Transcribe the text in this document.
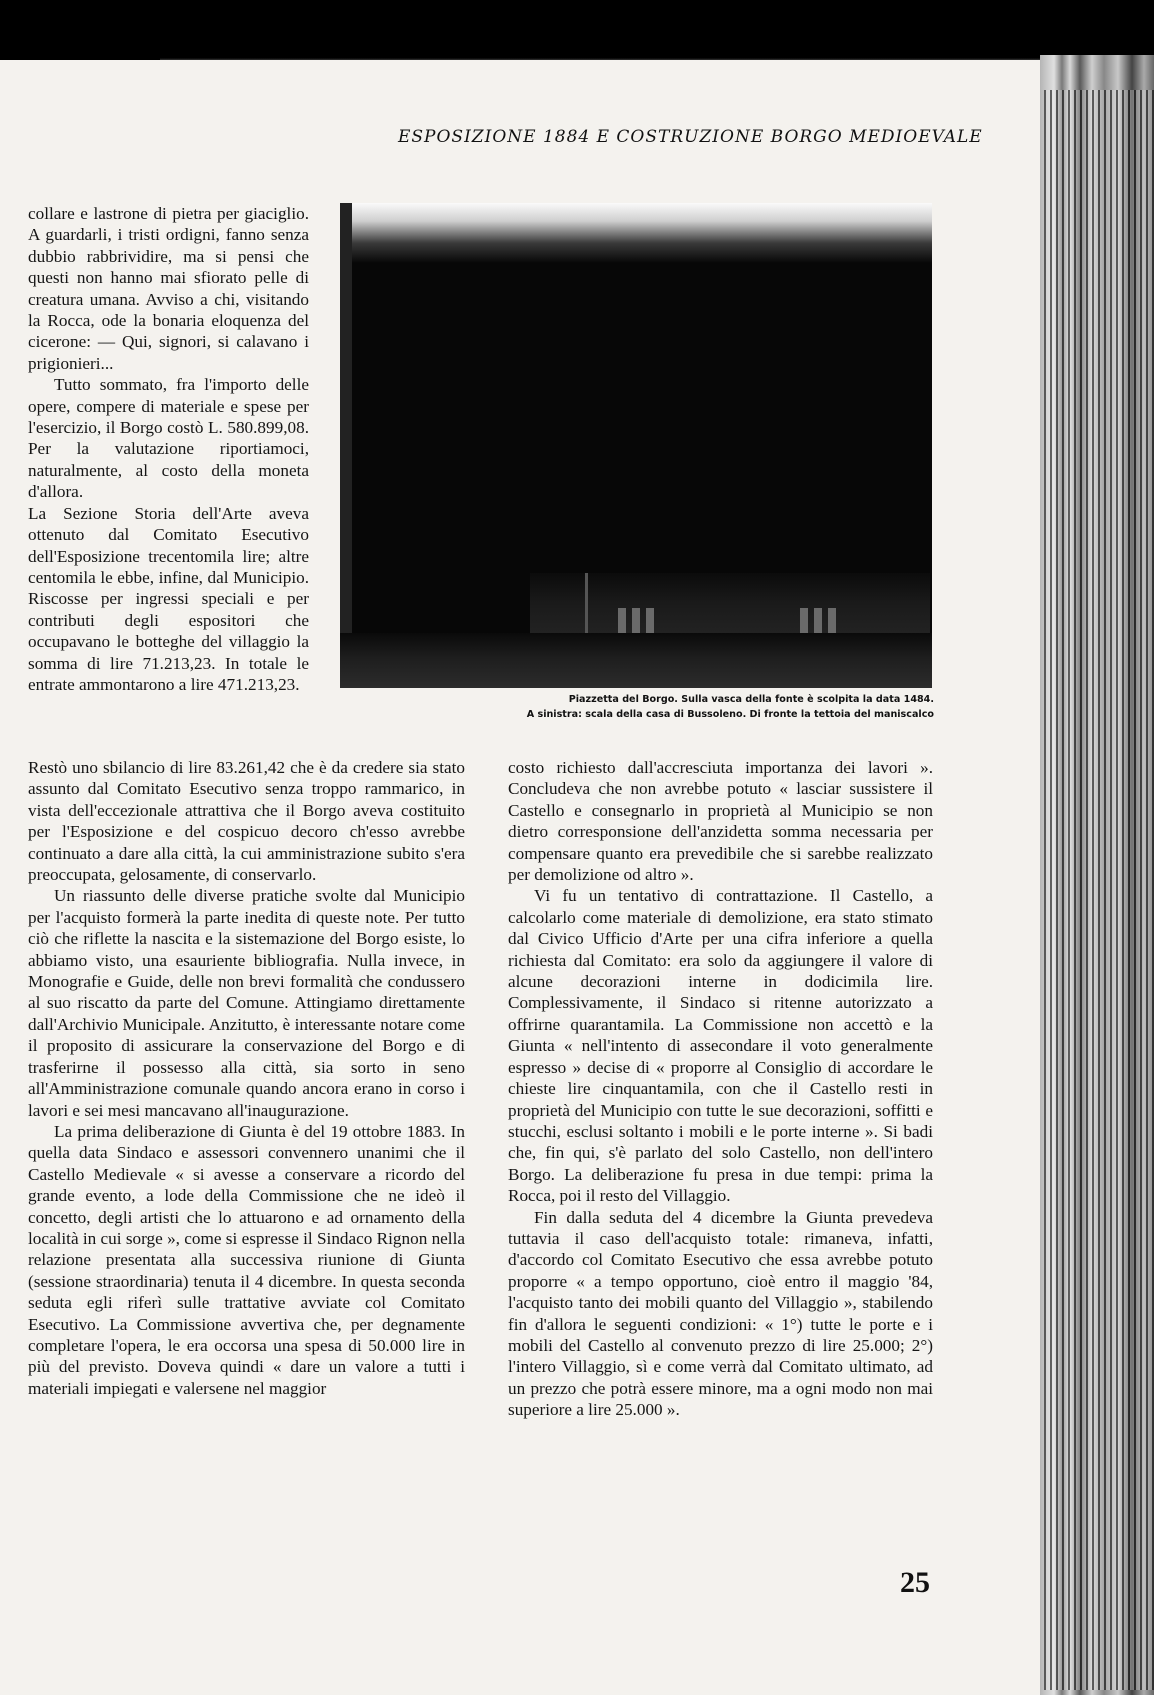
ESPOSIZIONE 1884 E COSTRUZIONE BORGO MEDIOEVALE

collare e lastrone di pietra per giaciglio. A guardarli, i tristi ordigni, fanno senza dubbio rabbrividire, ma si pensi che questi non hanno mai sfiorato pelle di creatura umana. Avviso a chi, visitando la Rocca, ode la bonaria eloquenza del cicerone: — Qui, signori, si calavano i prigionieri...

Tutto sommato, fra l'importo delle opere, compere di materiale e spese per l'esercizio, il Borgo costò L. 580.899,08. Per la valutazione riportiamoci, naturalmente, al costo della moneta d'allora.

La Sezione Storia dell'Arte aveva ottenuto dal Comitato Esecutivo dell'Esposizione trecentomila lire; altre centomila le ebbe, infine, dal Municipio. Riscosse per ingressi speciali e per contributi degli espositori che occupavano le botteghe del villaggio la somma di lire 71.213,23. In totale le entrate ammontarono a lire 471.213,23.

Piazzetta del Borgo. Sulla vasca della fonte è scolpita la data 1484.
A sinistra: scala della casa di Bussoleno. Di fronte la tettoia del maniscalco

Restò uno sbilancio di lire 83.261,42 che è da credere sia stato assunto dal Comitato Esecutivo senza troppo rammarico, in vista dell'eccezionale attrattiva che il Borgo aveva costituito per l'Esposizione e del cospicuo decoro ch'esso avrebbe continuato a dare alla città, la cui amministrazione subito s'era preoccupata, gelosamente, di conservarlo.

Un riassunto delle diverse pratiche svolte dal Municipio per l'acquisto formerà la parte inedita di queste note. Per tutto ciò che riflette la nascita e la sistemazione del Borgo esiste, lo abbiamo visto, una esauriente bibliografia. Nulla invece, in Monografie e Guide, delle non brevi formalità che condussero al suo riscatto da parte del Comune. Attingiamo direttamente dall'Archivio Municipale. Anzitutto, è interessante notare come il proposito di assicurare la conservazione del Borgo e di trasferirne il possesso alla città, sia sorto in seno all'Amministrazione comunale quando ancora erano in corso i lavori e sei mesi mancavano all'inaugurazione.

La prima deliberazione di Giunta è del 19 ottobre 1883. In quella data Sindaco e assessori convennero unanimi che il Castello Medievale « si avesse a conservare a ricordo del grande evento, a lode della Commissione che ne ideò il concetto, degli artisti che lo attuarono e ad ornamento della località in cui sorge », come si espresse il Sindaco Rignon nella relazione presentata alla successiva riunione di Giunta (sessione straordinaria) tenuta il 4 dicembre. In questa seconda seduta egli riferì sulle trattative avviate col Comitato Esecutivo. La Commissione avvertiva che, per degnamente completare l'opera, le era occorsa una spesa di 50.000 lire in più del previsto. Doveva quindi « dare un valore a tutti i materiali impiegati e valersene nel maggior

costo richiesto dall'accresciuta importanza dei lavori ». Concludeva che non avrebbe potuto « lasciar sussistere il Castello e consegnarlo in proprietà al Municipio se non dietro corresponsione dell'anzidetta somma necessaria per compensare quanto era prevedibile che si sarebbe realizzato per demolizione od altro ».

Vi fu un tentativo di contrattazione. Il Castello, a calcolarlo come materiale di demolizione, era stato stimato dal Civico Ufficio d'Arte per una cifra inferiore a quella richiesta dal Comitato: era solo da aggiungere il valore di alcune decorazioni interne in dodicimila lire. Complessivamente, il Sindaco si ritenne autorizzato a offrirne quarantamila. La Commissione non accettò e la Giunta « nell'intento di assecondare il voto generalmente espresso » decise di « proporre al Consiglio di accordare le chieste lire cinquantamila, con che il Castello resti in proprietà del Municipio con tutte le sue decorazioni, soffitti e stucchi, esclusi soltanto i mobili e le porte interne ». Si badi che, fin qui, s'è parlato del solo Castello, non dell'intero Borgo. La deliberazione fu presa in due tempi: prima la Rocca, poi il resto del Villaggio.

Fin dalla seduta del 4 dicembre la Giunta prevedeva tuttavia il caso dell'acquisto totale: rimaneva, infatti, d'accordo col Comitato Esecutivo che essa avrebbe potuto proporre « a tempo opportuno, cioè entro il maggio '84, l'acquisto tanto dei mobili quanto del Villaggio », stabilendo fin d'allora le seguenti condizioni: « 1°) tutte le porte e i mobili del Castello al convenuto prezzo di lire 25.000; 2°) l'intero Villaggio, sì e come verrà dal Comitato ultimato, ad un prezzo che potrà essere minore, ma a ogni modo non mai superiore a lire 25.000 ».

25
